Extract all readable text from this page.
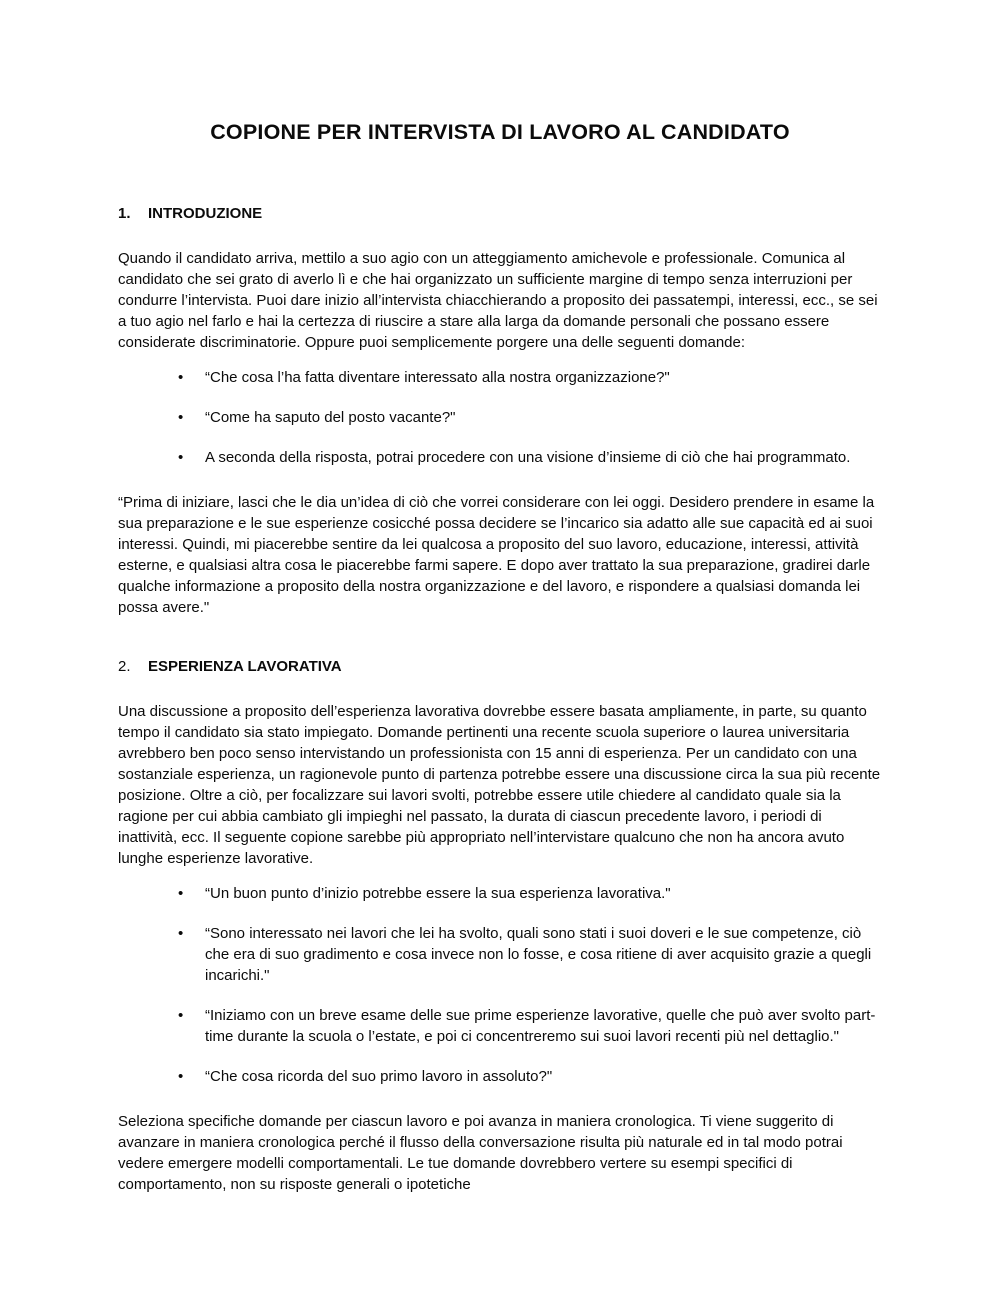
COPIONE PER INTERVISTA DI LAVORO AL CANDIDATO
1. INTRODUZIONE

Quando il candidato arriva, mettilo a suo agio con un atteggiamento amichevole e professionale. Comunica al candidato che sei grato di averlo lì e che hai organizzato un sufficiente margine di tempo senza interruzioni per condurre l’intervista. Puoi dare inizio all’intervista chiacchierando a proposito dei passatempi, interessi, ecc., se sei a tuo agio nel farlo e hai la certezza di riuscire a stare alla larga da domande personali che possano essere considerate discriminatorie. Oppure puoi semplicemente porgere una delle seguenti domande:

• “Che cosa l’ha fatta diventare interessato alla nostra organizzazione?"
• “Come ha saputo del posto vacante?"
• A seconda della risposta, potrai procedere con una visione d’insieme di ciò che hai programmato.

“Prima di iniziare, lasci che le dia un’idea di ciò che vorrei considerare con lei oggi. Desidero prendere in esame la sua preparazione e le sue esperienze cosicché possa decidere se l’incarico sia adatto alle sue capacità ed ai suoi interessi. Quindi, mi piacerebbe sentire da lei qualcosa a proposito del suo lavoro, educazione, interessi, attività esterne, e qualsiasi altra cosa le piacerebbe farmi sapere. E dopo aver trattato la sua preparazione, gradirei darle qualche informazione a proposito della nostra organizzazione e del lavoro, e rispondere a qualsiasi domanda lei possa avere."

2. ESPERIENZA LAVORATIVA

Una discussione a proposito dell’esperienza lavorativa dovrebbe essere basata ampliamente, in parte, su quanto tempo il candidato sia stato impiegato. Domande pertinenti una recente scuola superiore o laurea universitaria avrebbero ben poco senso intervistando un professionista con 15 anni di esperienza. Per un candidato con una sostanziale esperienza, un ragionevole punto di partenza potrebbe essere una discussione circa la sua più recente posizione. Oltre a ciò, per focalizzare sui lavori svolti, potrebbe essere utile chiedere al candidato quale sia la ragione per cui abbia cambiato gli impieghi nel passato, la durata di ciascun precedente lavoro, i periodi di inattività, ecc. Il seguente copione sarebbe più appropriato nell’intervistare qualcuno che non ha ancora avuto lunghe esperienze lavorative.

• “Un buon punto d’inizio potrebbe essere la sua esperienza lavorativa."
• “Sono interessato nei lavori che lei ha svolto, quali sono stati i suoi doveri e le sue competenze, ciò che era di suo gradimento e cosa invece non lo fosse, e cosa ritiene di aver acquisito grazie a quegli incarichi."
• “Iniziamo con un breve esame delle sue prime esperienze lavorative, quelle che può aver svolto part-time durante la scuola o l’estate, e poi ci concentreremo sui suoi lavori recenti più nel dettaglio."
• “Che cosa ricorda del suo primo lavoro in assoluto?"

Seleziona specifiche domande per ciascun lavoro e poi avanza in maniera cronologica. Ti viene suggerito di avanzare in maniera cronologica perché il flusso della conversazione risulta più naturale ed in tal modo potrai vedere emergere modelli comportamentali. Le tue domande dovrebbero vertere su esempi specifici di comportamento, non su risposte generali o ipotetiche
